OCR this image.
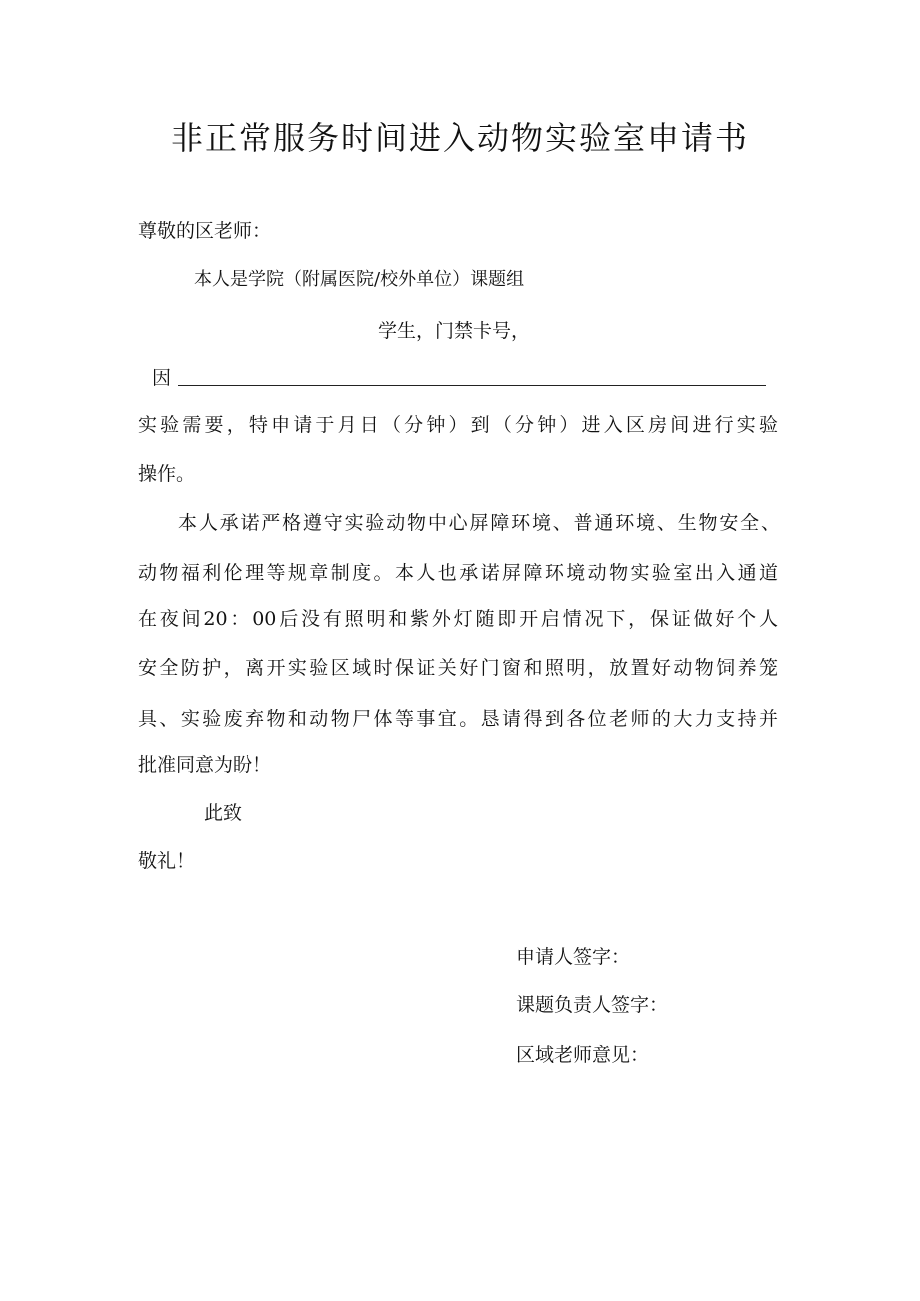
非正常服务时间进入动物实验室申请书
尊敬的区老师：
本人是学院（附属医院/校外单位）课题组
学生，门禁卡号，
因
实验需要，特申请于月日（分钟）到（分钟）进入区房间进行实验
操作。
本人承诺严格遵守实验动物中心屏障环境、普通环境、生物安全、
动物福利伦理等规章制度。本人也承诺屏障环境动物实验室出入通道
在夜间20：00后没有照明和紫外灯随即开启情况下，保证做好个人
安全防护，离开实验区域时保证关好门窗和照明，放置好动物饲养笼
具、实验废弃物和动物尸体等事宜。恳请得到各位老师的大力支持并
批准同意为盼！
此致
敬礼！
申请人签字：
课题负责人签字：
区域老师意见：
